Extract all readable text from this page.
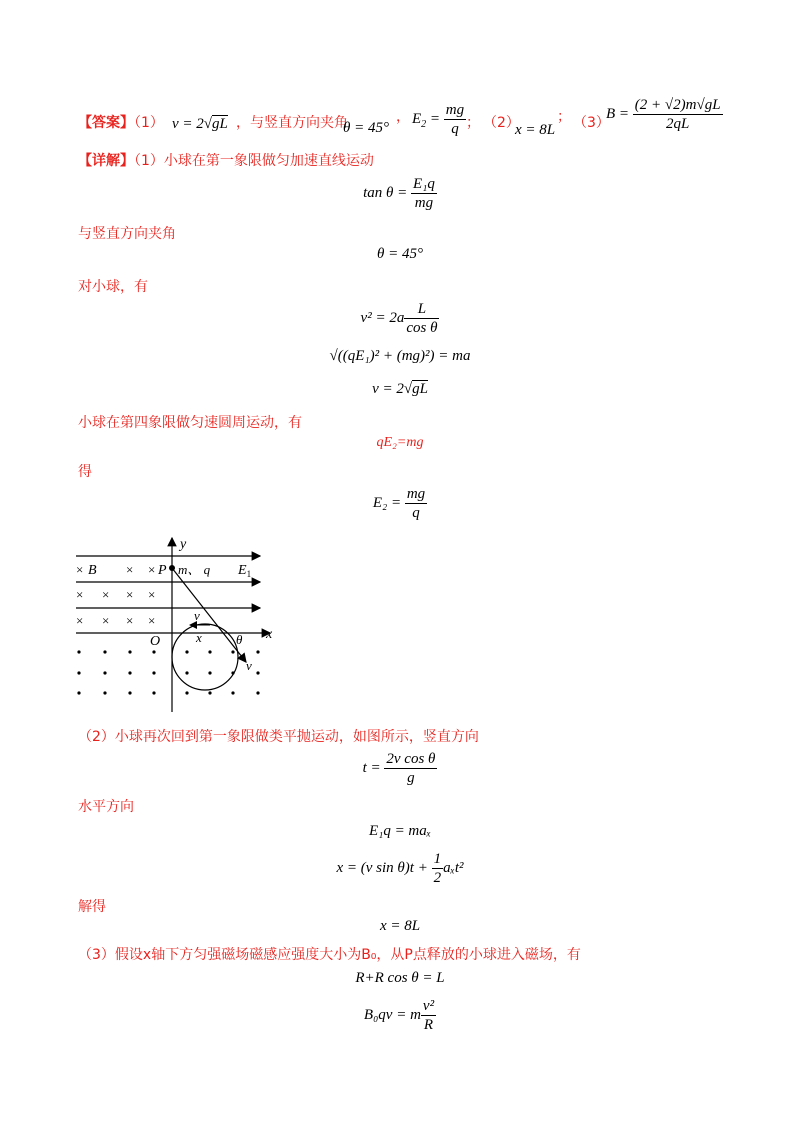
【答案】（1） v = 2√gL ，与竖直方向夹角
θ = 45°
， $E_2 = \frac{mg}{q}$ ； （2）
x = 8L
； （3）
$B = \frac{(2 + √2)m√gL}{2qL}$
【详解】（1）小球在第一象限做匀加速直线运动
$\tan \theta = \frac{\text{E₁q}}{mg}$
与竖直方向夹角
θ = 45°
对小球，有
$v^2 = 2a \frac{L}{\text{cos θ}}$
√((qE₁)² + (mg)²) = ma
v = 2√gL
小球在第四象限做匀速圆周运动，有
qE₂=mg
得
$E_2 = \frac{mg}{q}$
y
x
O
× B × × P m、 q $E_1$
× × × ×
× × × ×	v
v
x	θ
（2）小球再次回到第一象限做类平抛运动，如图所示，竖直方向
$t = \frac{\text{2v cos θ}}{g}$
水平方向
E₁q = maₓ
x = (v $\sin \theta)t + \frac{1}{2} a_xt^2$
解得
x = 8L
（3）假设x轴下方匀强磁场磁感应强度大小为B₀，从P点释放的小球进入磁场，有
R+R cos θ = L
B₀qv = m $\frac{\text{v²}}{R}$
